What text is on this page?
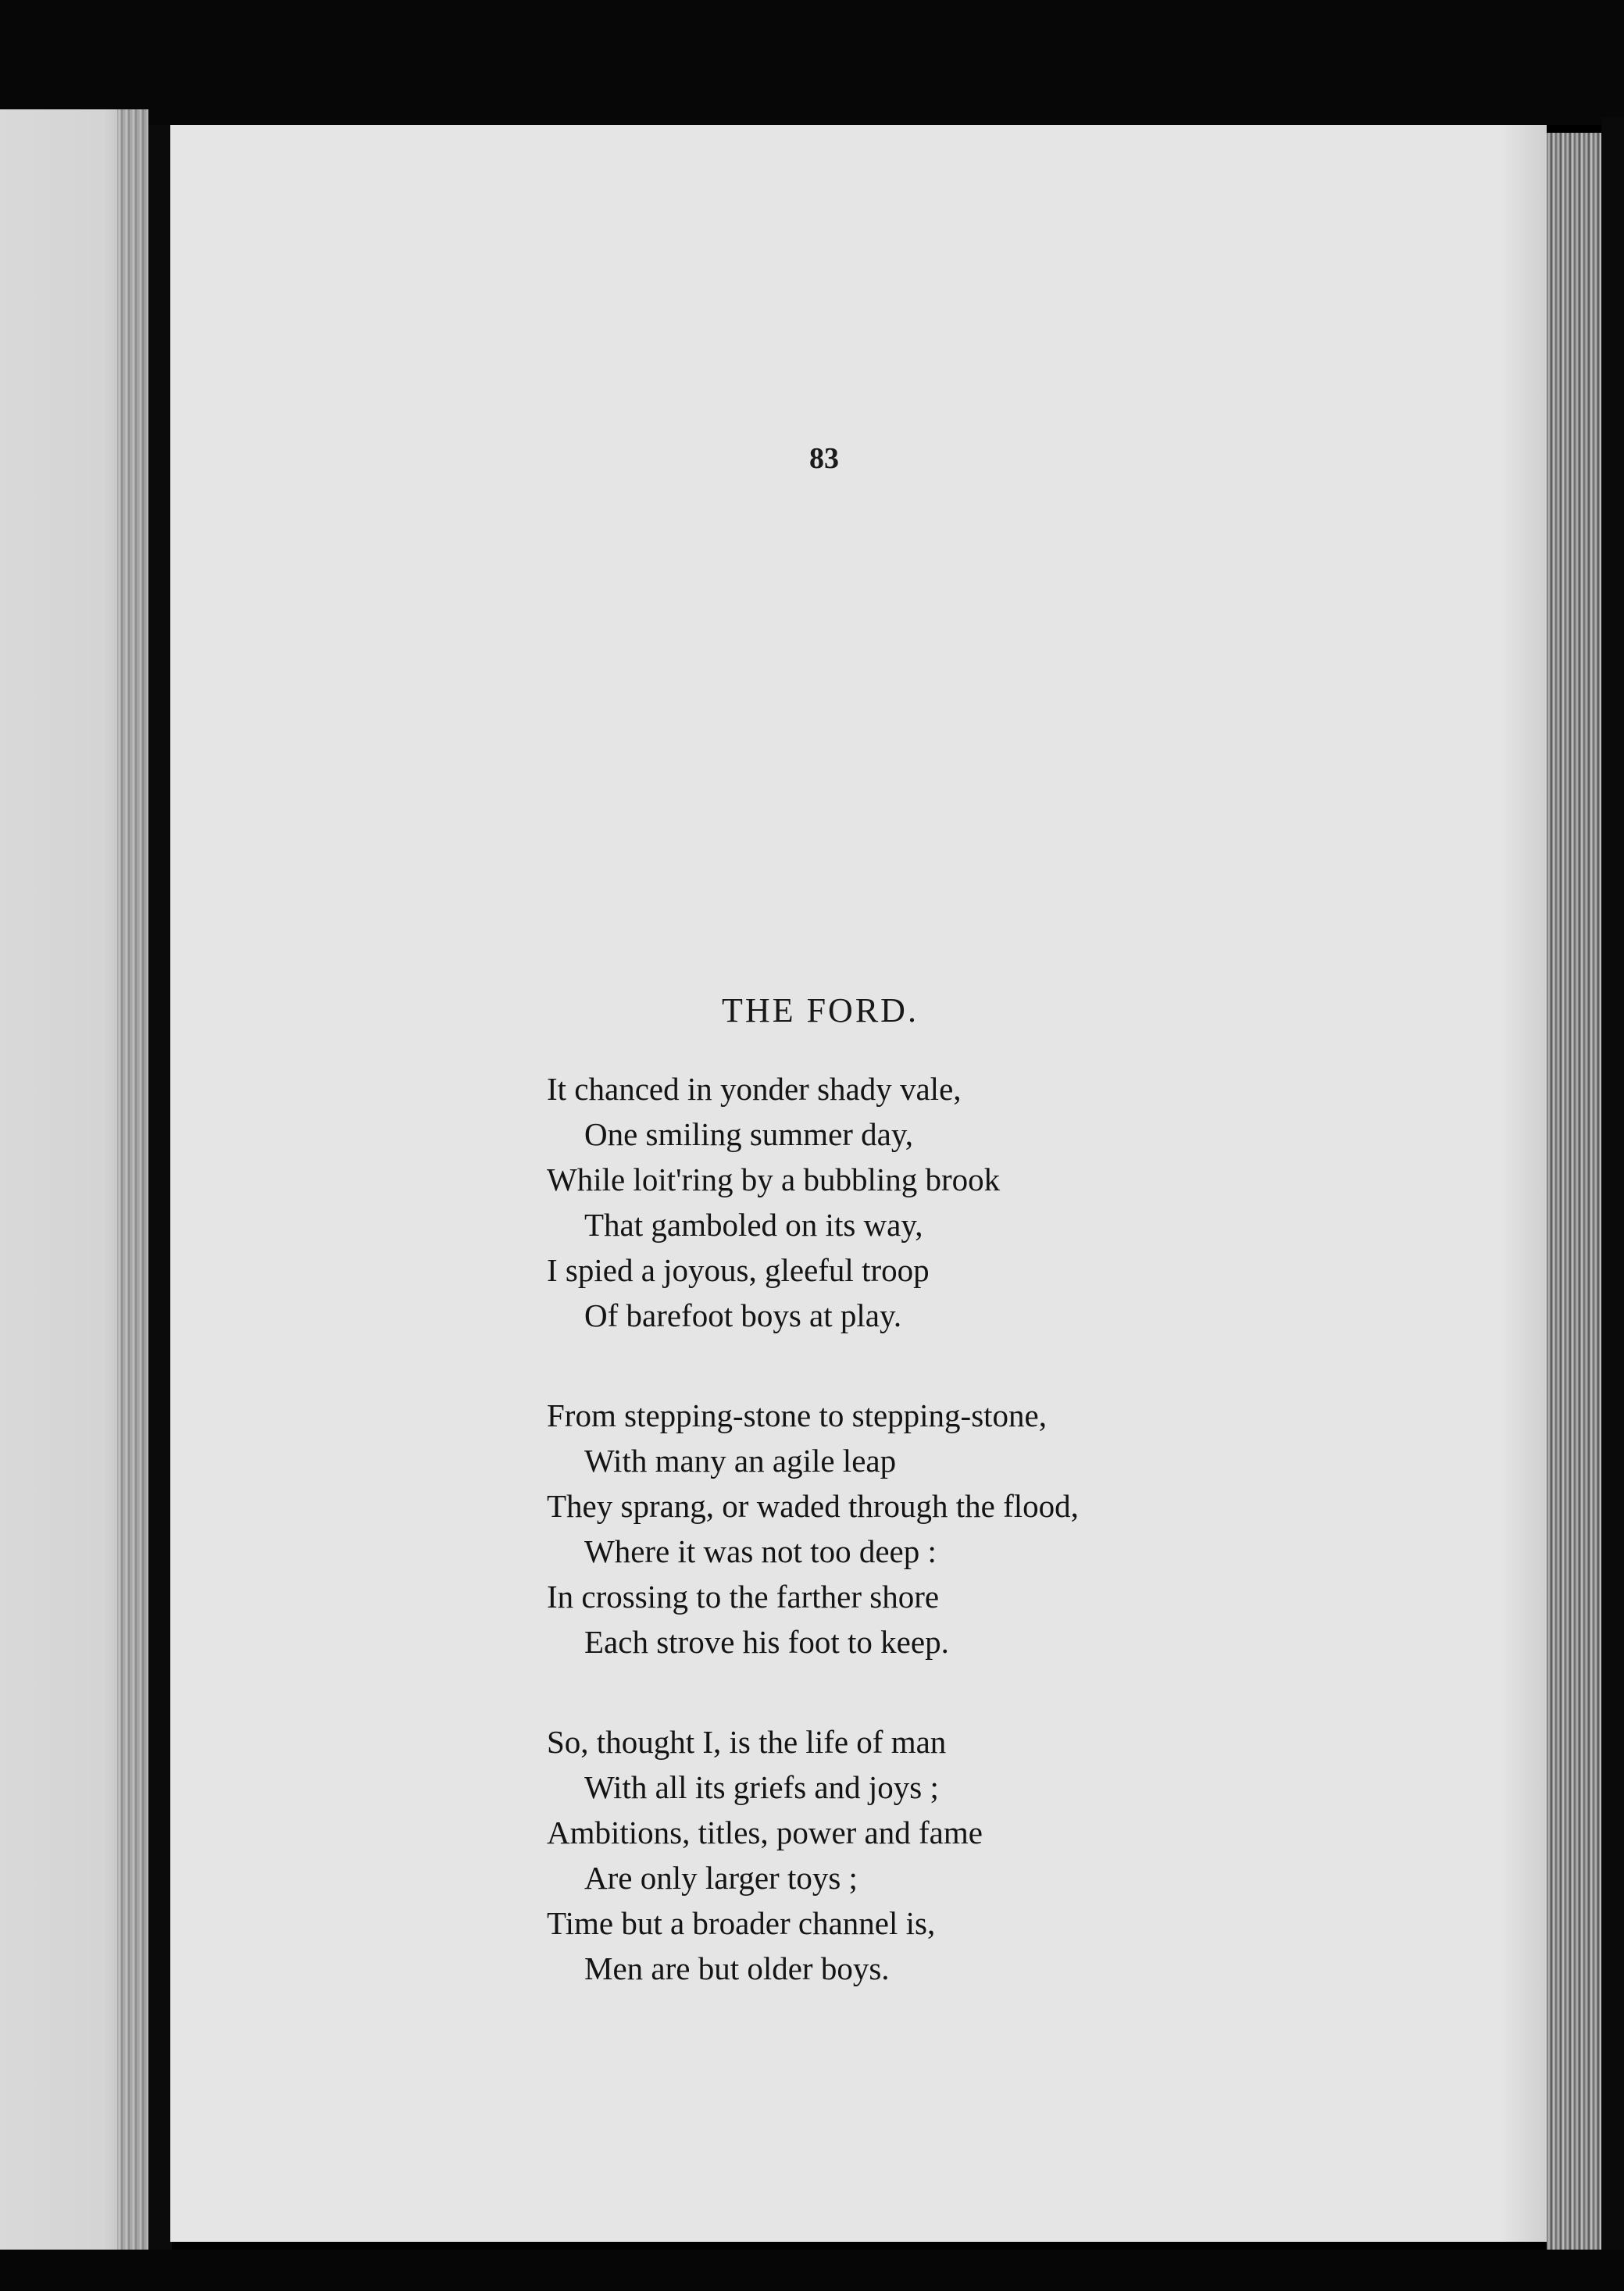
83
THE FORD.
It chanced in yonder shady vale,
One smiling summer day,
While loit'ring by a bubbling brook
That gamboled on its way,
I spied a joyous, gleeful troop
Of barefoot boys at play.
From stepping-stone to stepping-stone,
With many an agile leap
They sprang, or waded through the flood,
Where it was not too deep :
In crossing to the farther shore
Each strove his foot to keep.
So, thought I, is the life of man
With all its griefs and joys ;
Ambitions, titles, power and fame
Are only larger toys ;
Time but a broader channel is,
Men are but older boys.
